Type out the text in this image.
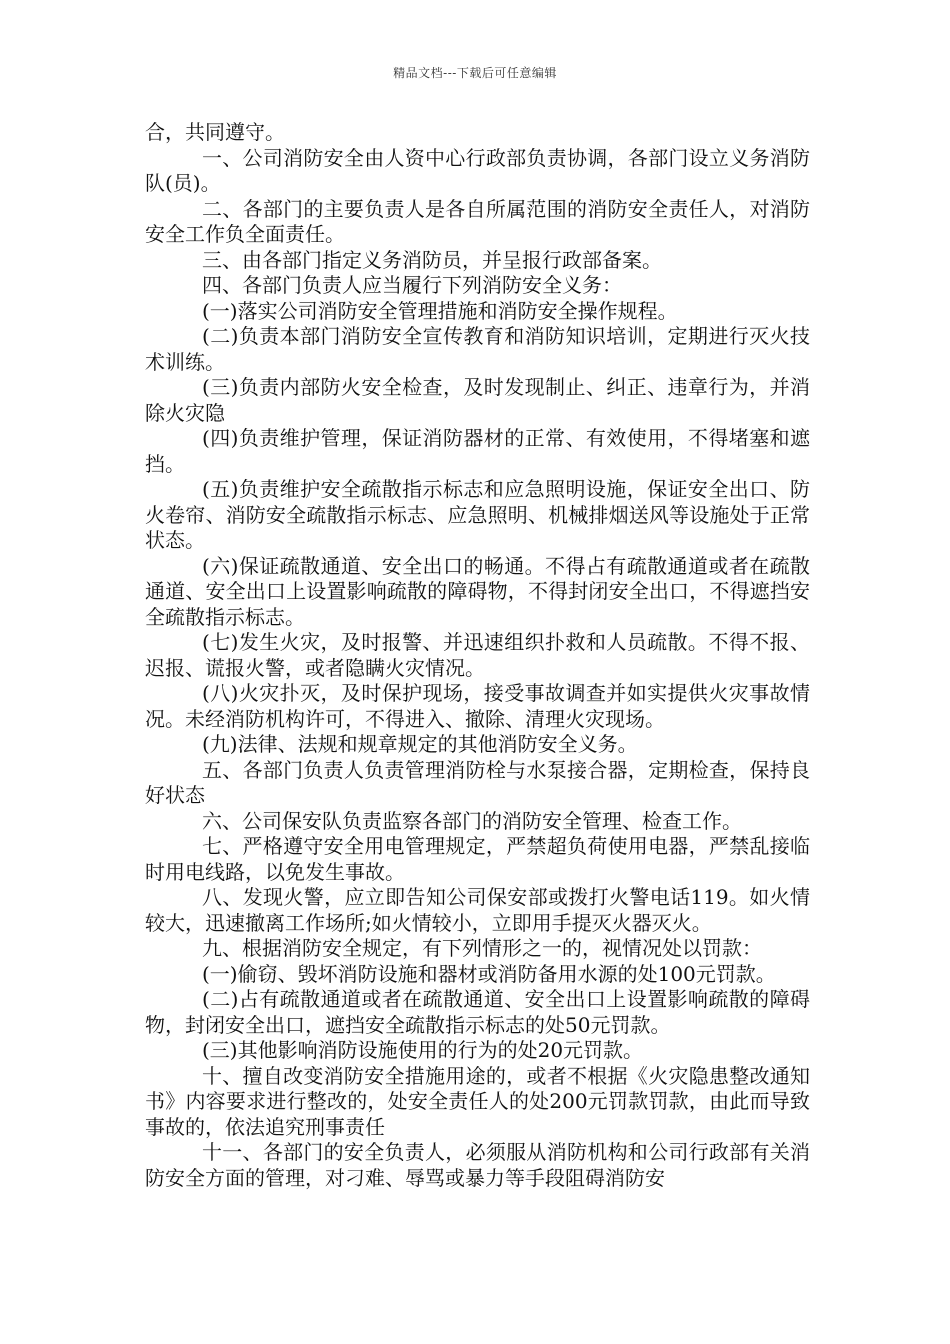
精品文档---下载后可任意编辑

合，共同遵守。

一、公司消防安全由人资中心行政部负责协调，各部门设立义务消防队(员)。

二、各部门的主要负责人是各自所属范围的消防安全责任人，对消防安全工作负全面责任。

三、由各部门指定义务消防员，并呈报行政部备案。

四、各部门负责人应当履行下列消防安全义务：

(一)落实公司消防安全管理措施和消防安全操作规程。

(二)负责本部门消防安全宣传教育和消防知识培训，定期进行灭火技术训练。

(三)负责内部防火安全检查，及时发现制止、纠正、违章行为，并消除火灾隐

(四)负责维护管理，保证消防器材的正常、有效使用，不得堵塞和遮挡。

(五)负责维护安全疏散指示标志和应急照明设施，保证安全出口、防火卷帘、消防安全疏散指示标志、应急照明、机械排烟送风等设施处于正常状态。

(六)保证疏散通道、安全出口的畅通。不得占有疏散通道或者在疏散通道、安全出口上设置影响疏散的障碍物，不得封闭安全出口，不得遮挡安全疏散指示标志。

(七)发生火灾，及时报警、并迅速组织扑救和人员疏散。不得不报、迟报、谎报火警，或者隐瞒火灾情况。

(八)火灾扑灭，及时保护现场，接受事故调查并如实提供火灾事故情况。未经消防机构许可，不得进入、撤除、清理火灾现场。

(九)法律、法规和规章规定的其他消防安全义务。

五、各部门负责人负责管理消防栓与水泵接合器，定期检查，保持良好状态

六、公司保安队负责监察各部门的消防安全管理、检查工作。

七、严格遵守安全用电管理规定，严禁超负荷使用电器，严禁乱接临时用电线路，以免发生事故。

八、发现火警，应立即告知公司保安部或拨打火警电话119。如火情较大，迅速撤离工作场所;如火情较小，立即用手提灭火器灭火。

九、根据消防安全规定，有下列情形之一的，视情况处以罚款：

(一)偷窃、毁坏消防设施和器材或消防备用水源的处100元罚款。

(二)占有疏散通道或者在疏散通道、安全出口上设置影响疏散的障碍物，封闭安全出口，遮挡安全疏散指示标志的处50元罚款。

(三)其他影响消防设施使用的行为的处20元罚款。

十、擅自改变消防安全措施用途的，或者不根据《火灾隐患整改通知书》内容要求进行整改的，处安全责任人的处200元罚款罚款，由此而导致事故的，依法追究刑事责任

十一、各部门的安全负责人，必须服从消防机构和公司行政部有关消防安全方面的管理，对刁难、辱骂或暴力等手段阻碍消防安
